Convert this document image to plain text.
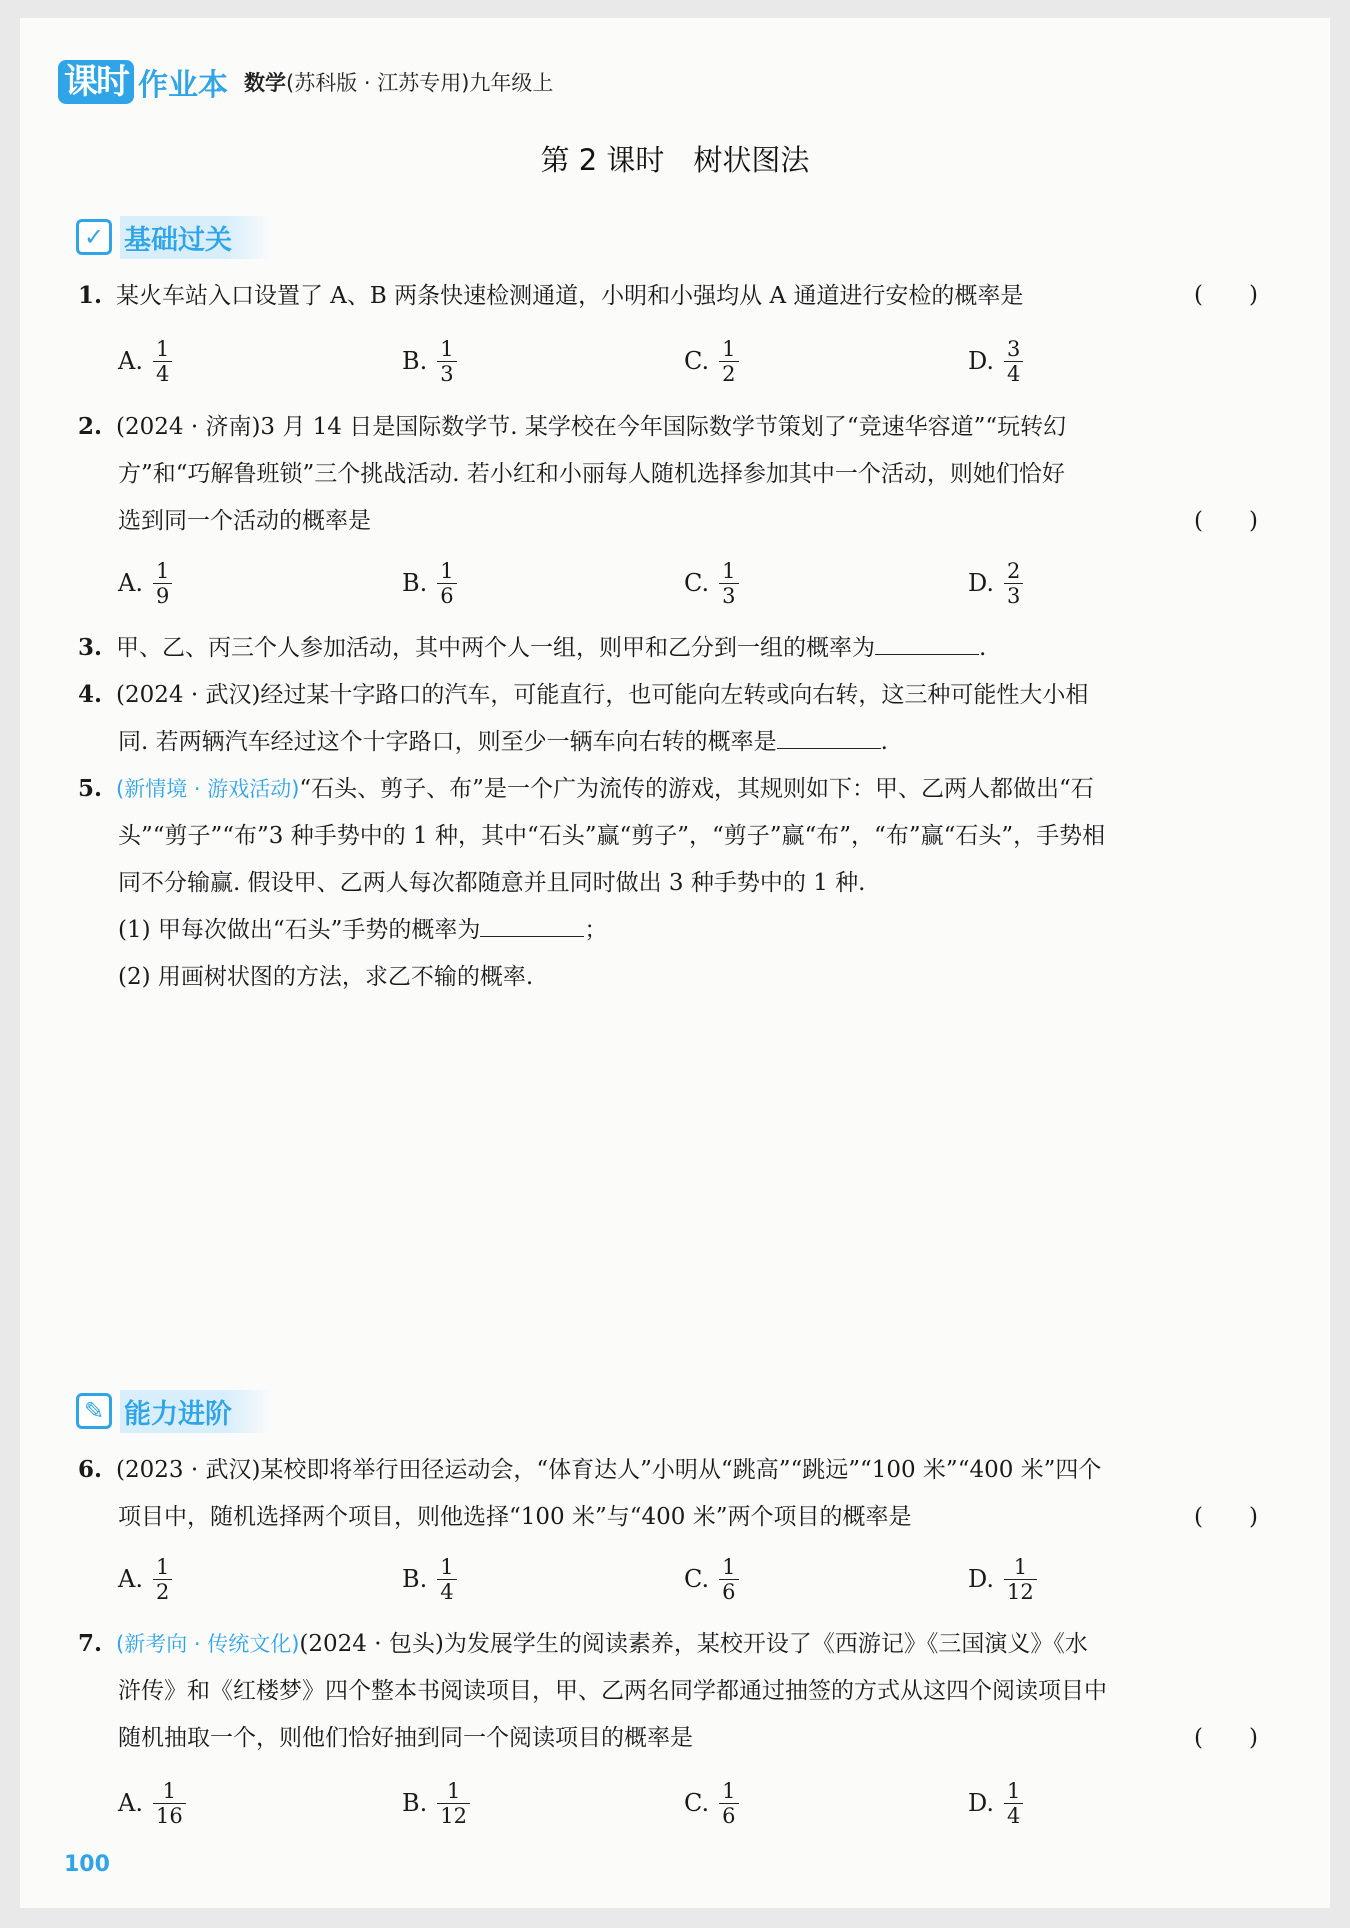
课时 作业本 数学(苏科版 · 江苏专用)九年级上
第 2 课时　树状图法
✓ 基础过关
1. 某火车站入口设置了 A、B 两条快速检测通道，小明和小强均从 A 通道进行安检的概率是	(　　)
A. $\frac{1}{4}$	B. $\frac{1}{3}$	C. $\frac{1}{2}$	D. $\frac{3}{4}$
2. (2024 · 济南)3 月 14 日是国际数学节. 某学校在今年国际数学节策划了“竞速华容道”“玩转幻
方”和“巧解鲁班锁”三个挑战活动. 若小红和小丽每人随机选择参加其中一个活动，则她们恰好
选到同一个活动的概率是	(　　)
A. $\frac{1}{9}$	B. $\frac{1}{6}$	C. $\frac{1}{3}$	D. $\frac{2}{3}$
3. 甲、乙、丙三个人参加活动，其中两个人一组，则甲和乙分到一组的概率为	.
4. (2024 · 武汉)经过某十字路口的汽车，可能直行，也可能向左转或向右转，这三种可能性大小相
同. 若两辆汽车经过这个十字路口，则至少一辆车向右转的概率是	.
5. (新情境 · 游戏活动)“石头、剪子、布”是一个广为流传的游戏，其规则如下：甲、乙两人都做出“石
头”“剪子”“布”3 种手势中的 1 种，其中“石头”赢“剪子”，“剪子”赢“布”，“布”赢“石头”，手势相
同不分输赢. 假设甲、乙两人每次都随意并且同时做出 3 种手势中的 1 种.
(1) 甲每次做出“石头”手势的概率为	；
(2) 用画树状图的方法，求乙不输的概率.
✎ 能力进阶
6. (2023 · 武汉)某校即将举行田径运动会，“体育达人”小明从“跳高”“跳远”“100 米”“400 米”四个
项目中，随机选择两个项目，则他选择“100 米”与“400 米”两个项目的概率是	(　　)
A. $\frac{1}{2}$	B. $\frac{1}{4}$	C. $\frac{1}{6}$	D. $\frac{1}{12}$
7. (新考向 · 传统文化)(2024 · 包头)为发展学生的阅读素养，某校开设了《西游记》《三国演义》《水
浒传》和《红楼梦》四个整本书阅读项目，甲、乙两名同学都通过抽签的方式从这四个阅读项目中
随机抽取一个，则他们恰好抽到同一个阅读项目的概率是	(　　)
A. $\frac{1}{16}$	B. $\frac{1}{12}$	C. $\frac{1}{6}$	D. $\frac{1}{4}$
100
